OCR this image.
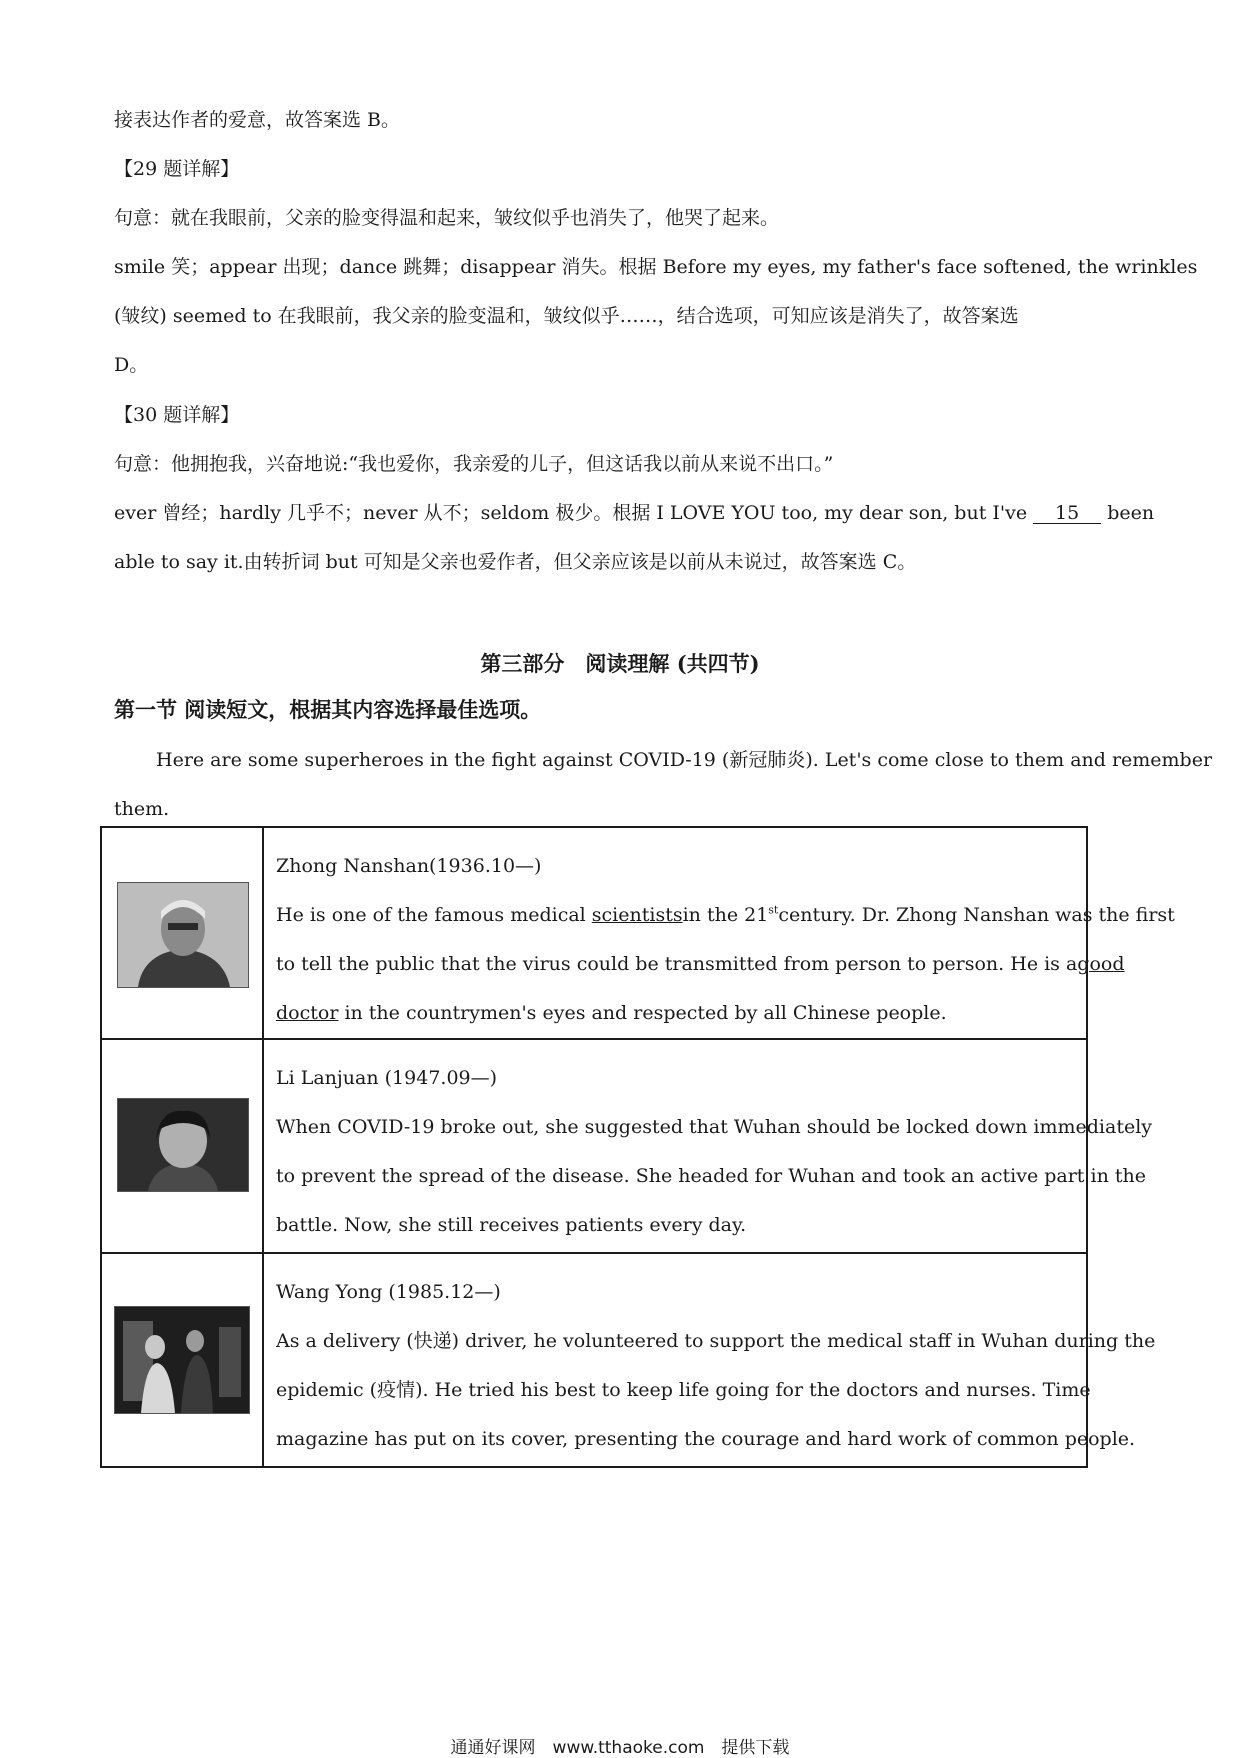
接表达作者的爱意，故答案选 B。
【29 题详解】
句意：就在我眼前，父亲的脸变得温和起来，皱纹似乎也消失了，他哭了起来。
smile 笑；appear 出现；dance 跳舞；disappear 消失。根据 Before my eyes, my father's face softened, the wrinkles
(皱纹) seemed to 在我眼前，我父亲的脸变温和，皱纹似乎……，结合选项，可知应该是消失了，故答案选
D。
【30 题详解】
句意：他拥抱我，兴奋地说:“我也爱你，我亲爱的儿子，但这话我以前从来说不出口。”
ever 曾经；hardly 几乎不；never 从不；seldom 极少。根据 I LOVE YOU too, my dear son, but I've 15 been
able to say it.由转折词 but 可知是父亲也爱作者，但父亲应该是以前从未说过，故答案选 C。
第三部分　阅读理解 (共四节)
第一节 阅读短文，根据其内容选择最佳选项。
Here are some superheroes in the fight against COVID-19 (新冠肺炎). Let's come close to them and remember
them.

Zhong Nanshan(1936.10—)
He is one of the famous medical scientistsin the 21stcentury. Dr. Zhong Nanshan was the first
to tell the public that the virus could be transmitted from person to person. He is agood
doctor in the countrymen's eyes and respected by all Chinese people.

Li Lanjuan (1947.09—)
When COVID-19 broke out, she suggested that Wuhan should be locked down immediately
to prevent the spread of the disease. She headed for Wuhan and took an active part in the
battle. Now, she still receives patients every day.

Wang Yong (1985.12—)
As a delivery (快递) driver, he volunteered to support the medical staff in Wuhan during the
epidemic (疫情). He tried his best to keep life going for the doctors and nurses. Time
magazine has put on its cover, presenting the courage and hard work of common people.
通通好课网　www.tthaoke.com　提供下载
